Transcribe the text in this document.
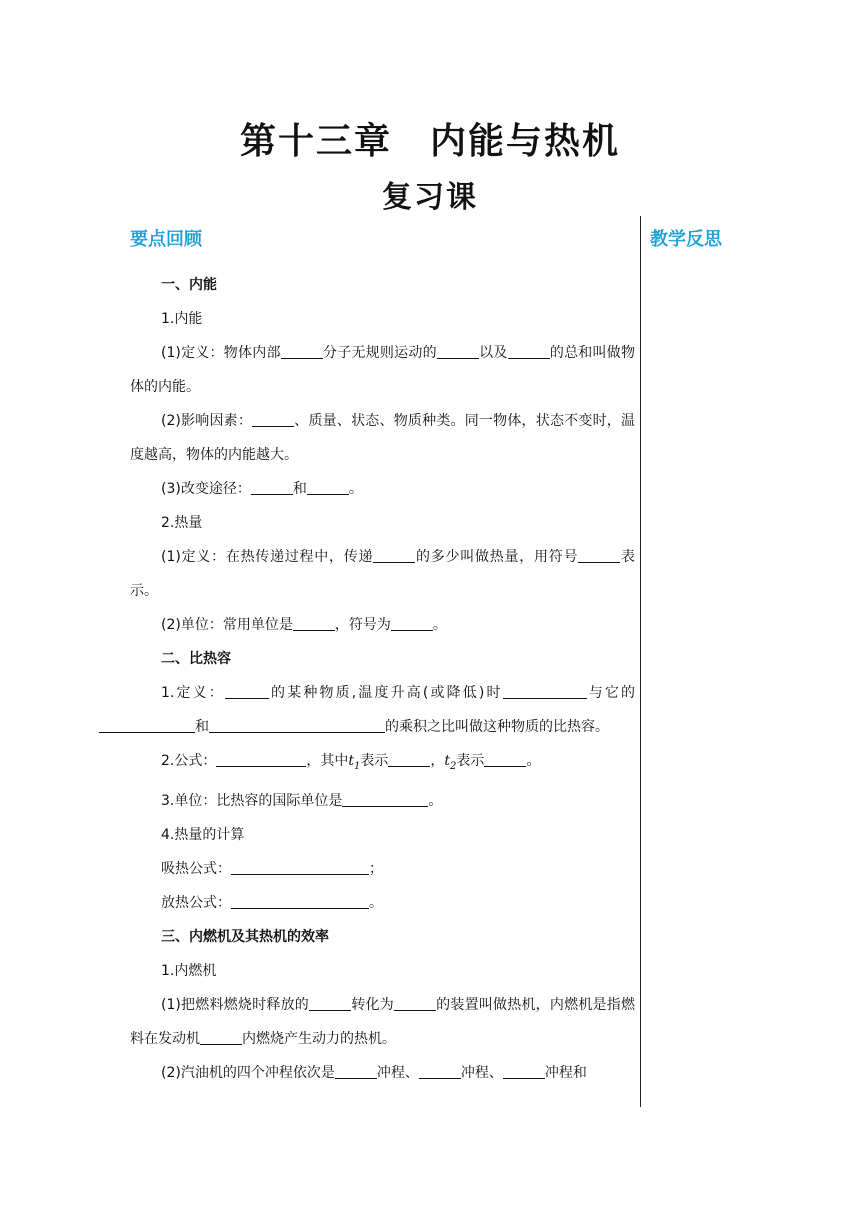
第十三章　内能与热机
复习课
教学反思
要点回顾
一、内能
1.内能
(1)定义：物体内部	分子无规则运动的	以及	的总和叫做物体的内能。
(2)影响因素：	、质量、状态、物质种类。同一物体，状态不变时，温度越高，物体的内能越大。
(3)改变途径：	和	。
2.热量
(1)定义：在热传递过程中，传递	的多少叫做热量，用符号	表示。
(2)单位：常用单位是	，符号为	。
二、比热容
1.定义：	的某种物质,温度升高(或降低)时	与它的和	的乘积之比叫做这种物质的比热容。
2.公式：	，其中$t_1$表示	，$t_2$表示	。
3.单位：比热容的国际单位是	。
4.热量的计算
吸热公式：	；
放热公式：	。
三、内燃机及其热机的效率
1.内燃机
(1)把燃料燃烧时释放的	转化为	的装置叫做热机，内燃机是指燃料在发动机	内燃烧产生动力的热机。
(2)汽油机的四个冲程依次是	冲程、	冲程、	冲程和
